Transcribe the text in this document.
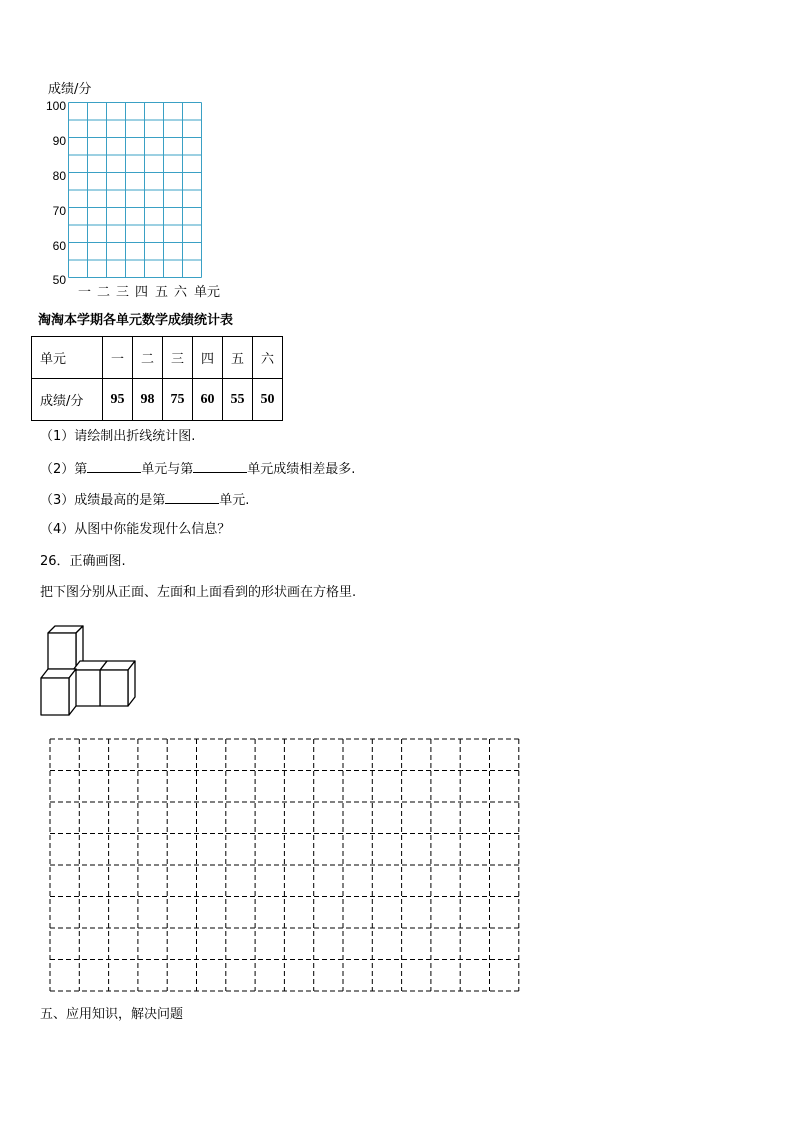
成绩/分
100
90
80
70
60
50
一 二 三 四 五 六 单元
淘淘本学期各单元数学成绩统计表
单元	一	二	三	四	五	六
成绩/分	95	98	75	60	55	50
（1）请绘制出折线统计图.
（2）第	单元与第	单元成绩相差最多.
（3）成绩最高的是第	单元.
（4）从图中你能发现什么信息？
26．正确画图.
把下图分别从正面、左面和上面看到的形状画在方格里.
五、应用知识，解决问题
